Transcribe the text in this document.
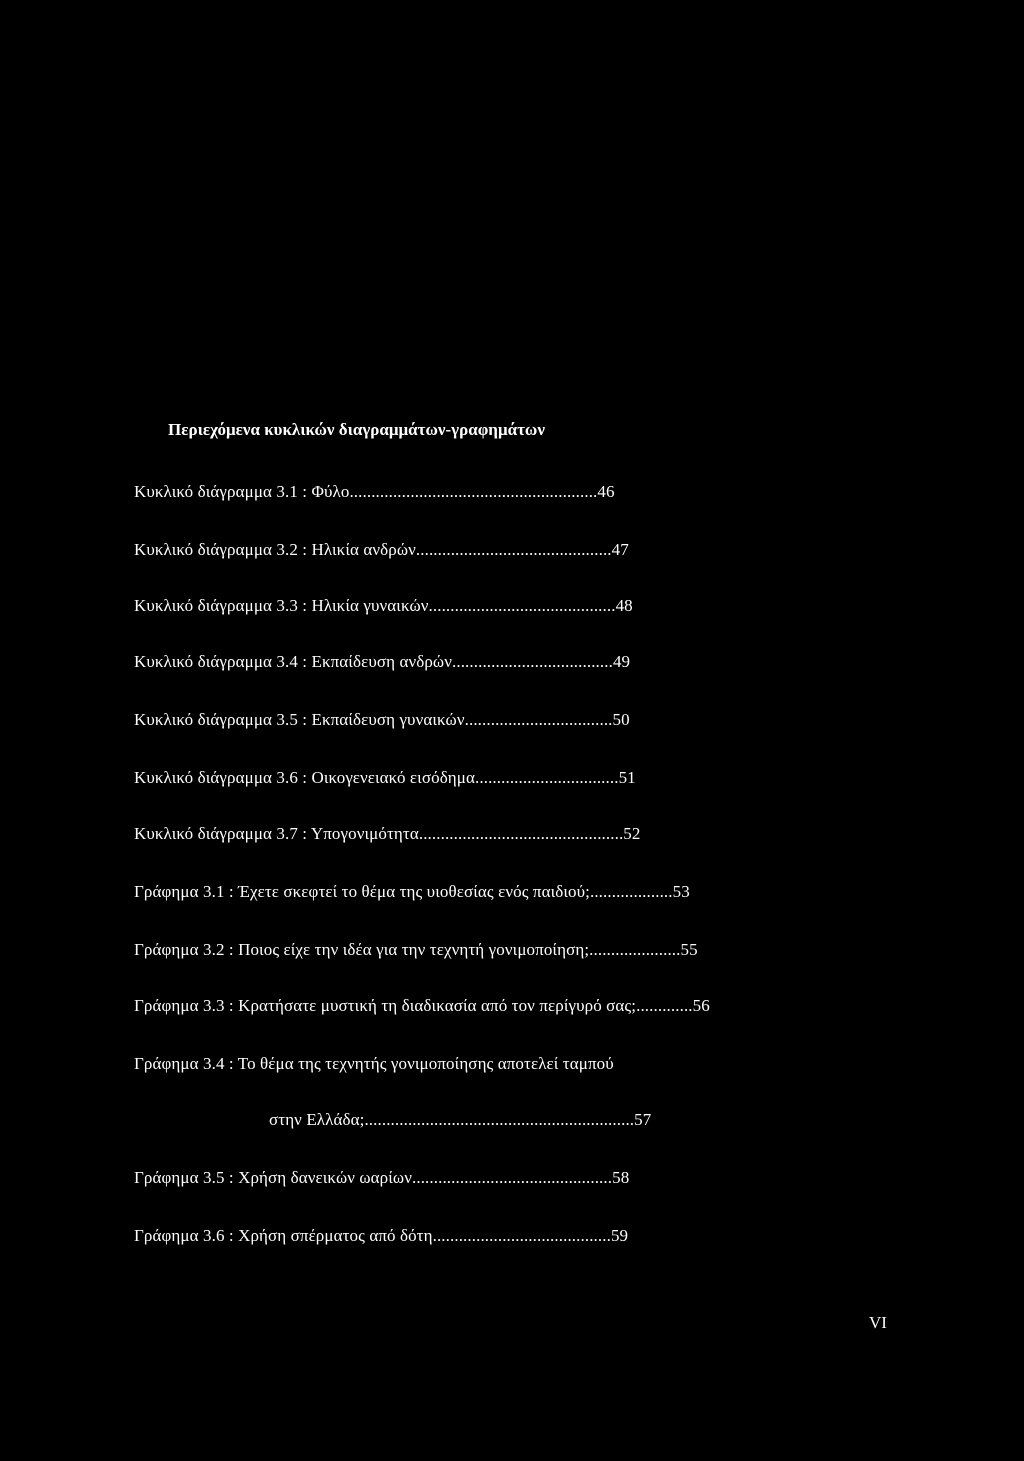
Περιεχόμενα κυκλικών διαγραμμάτων-γραφημάτων
Κυκλικό διάγραμμα 3.1 : Φύλο.........................................................46
Κυκλικό διάγραμμα 3.2 : Ηλικία ανδρών.............................................47
Κυκλικό διάγραμμα 3.3 : Ηλικία γυναικών...........................................48
Κυκλικό διάγραμμα 3.4 : Εκπαίδευση ανδρών.....................................49
Κυκλικό διάγραμμα 3.5 : Εκπαίδευση γυναικών..................................50
Κυκλικό διάγραμμα 3.6 : Οικογενειακό εισόδημα.................................51
Κυκλικό διάγραμμα 3.7 : Υπογονιμότητα...............................................52
Γράφημα 3.1 : Έχετε σκεφτεί το θέμα της υιοθεσίας ενός παιδιού;...................53
Γράφημα 3.2 : Ποιος είχε την ιδέα για την τεχνητή γονιμοποίηση;.....................55
Γράφημα 3.3 : Κρατήσατε μυστική τη διαδικασία από τον περίγυρό σας;.............56
Γράφημα 3.4 : Το θέμα της τεχνητής γονιμοποίησης αποτελεί ταμπού
στην Ελλάδα;..............................................................57
Γράφημα 3.5 : Χρήση δανεικών ωαρίων..............................................58
Γράφημα 3.6 : Χρήση σπέρματος από δότη.........................................59
VI
